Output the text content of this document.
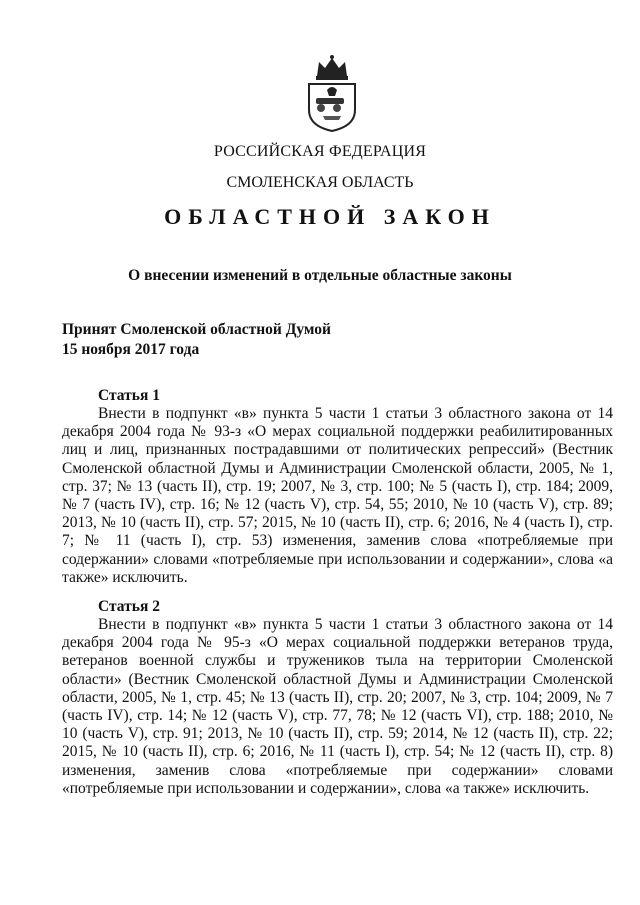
РОССИЙСКАЯ ФЕДЕРАЦИЯ
СМОЛЕНСКАЯ ОБЛАСТЬ
ОБЛАСТНОЙ ЗАКОН
О внесении изменений в отдельные областные законы
Принят Смоленской областной Думой
15 ноября 2017 года
Статья 1

Внести в подпункт «в» пункта 5 части 1 статьи 3 областного закона от 14 декабря 2004 года № 93-з «О мерах социальной поддержки реабилитированных лиц и лиц, признанных пострадавшими от политических репрессий» (Вестник Смоленской областной Думы и Администрации Смоленской области, 2005, № 1, стр. 37; № 13 (часть II), стр. 19; 2007, № 3, стр. 100; № 5 (часть I), стр. 184; 2009, № 7 (часть IV), стр. 16; № 12 (часть V), стр. 54, 55; 2010, № 10 (часть V), стр. 89; 2013, № 10 (часть II), стр. 57; 2015, № 10 (часть II), стр. 6; 2016, № 4 (часть I), стр. 7; № 11 (часть I), стр. 53) изменения, заменив слова «потребляемые при содержании» словами «потребляемые при использовании и содержании», слова «а также» исключить.

Статья 2

Внести в подпункт «в» пункта 5 части 1 статьи 3 областного закона от 14 декабря 2004 года № 95-з «О мерах социальной поддержки ветеранов труда, ветеранов военной службы и тружеников тыла на территории Смоленской области» (Вестник Смоленской областной Думы и Администрации Смоленской области, 2005, № 1, стр. 45; № 13 (часть II), стр. 20; 2007, № 3, стр. 104; 2009, № 7 (часть IV), стр. 14; № 12 (часть V), стр. 77, 78; № 12 (часть VI), стр. 188; 2010, № 10 (часть V), стр. 91; 2013, № 10 (часть II), стр. 59; 2014, № 12 (часть II), стр. 22; 2015, № 10 (часть II), стр. 6; 2016, № 11 (часть I), стр. 54; № 12 (часть II), стр. 8) изменения, заменив слова «потребляемые при содержании» словами «потребляемые при использовании и содержании», слова «а также» исключить.
